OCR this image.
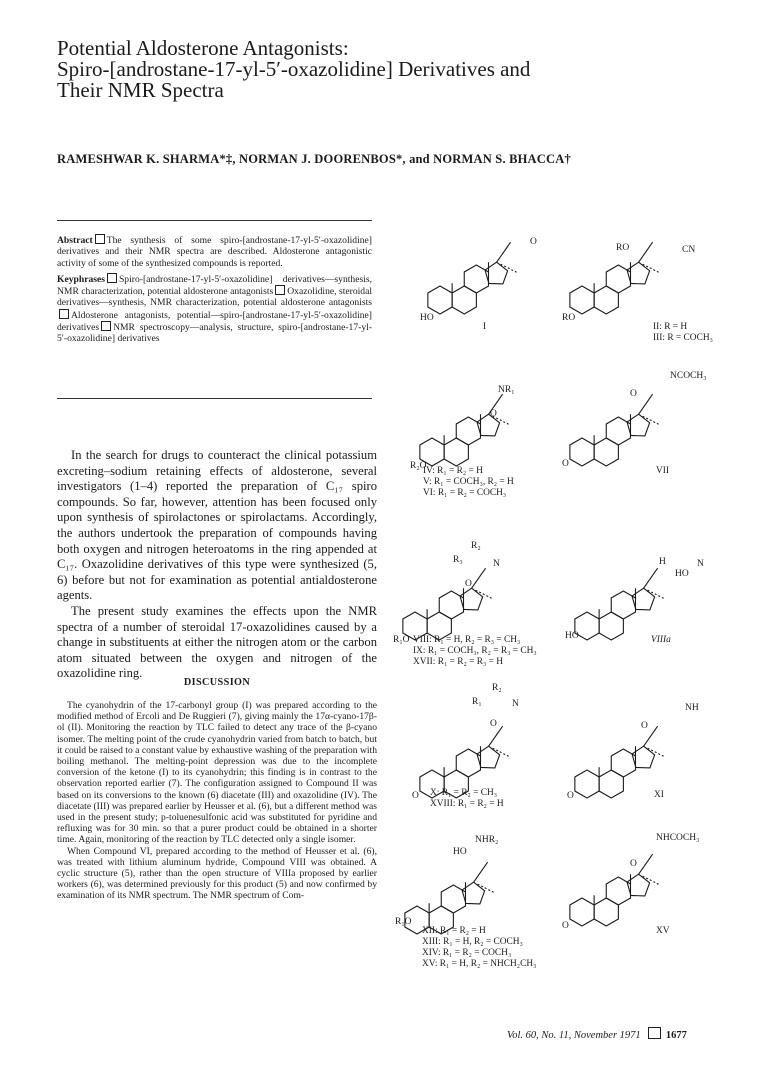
Potential Aldosterone Antagonists:
Spiro-[androstane-17-yl-5′-oxazolidine] Derivatives and
Their NMR Spectra
RAMESHWAR K. SHARMA*‡, NORMAN J. DOORENBOS*, and NORMAN S. BHACCA†

Abstract The synthesis of some spiro-[androstane-17-yl-5′-oxazolidine] derivatives and their NMR spectra are described. Aldosterone antagonistic activity of some of the synthesized compounds is reported.

Keyphrases Spiro-[androstane-17-yl-5′-oxazolidine] derivatives—synthesis, NMR characterization, potential aldosterone antagonists Oxazolidine, steroidal derivatives—synthesis, NMR characterization, potential aldosterone antagonistsAldosterone antagonists, potential—spiro-[androstane-17-yl-5′-oxazolidine] derivatives NMR spectroscopy—analysis, structure, spiro-[androstane-17-yl-5′-oxazolidine] derivatives

In the search for drugs to counteract the clinical potassium excreting–sodium retaining effects of aldosterone, several investigators (1–4) reported the preparation of C₁₇ spiro compounds. So far, however, attention has been focused only upon synthesis of spirolactones or spirolactams. Accordingly, the authors undertook the preparation of compounds having both oxygen and nitrogen heteroatoms in the ring appended at C₁₇. Oxazolidine derivatives of this type were synthesized (5, 6) before but not for examination as potential antialdosterone agents.

The present study examines the effects upon the NMR spectra of a number of steroidal 17-oxazolidines caused by a change in substituents at either the nitrogen atom or the carbon atom situated between the oxygen and nitrogen of the oxazolidine ring.

DISCUSSION

The cyanohydrin of the 17-carbonyl group (I) was prepared according to the modified method of Ercoli and De Ruggieri (7), giving mainly the 17α-cyano-17β-ol (II). Monitoring the reaction by TLC failed to detect any trace of the β-cyano isomer. The melting point of the crude cyanohydrin varied from batch to batch, but it could be raised to a constant value by exhaustive washing of the preparation with boiling methanol. The melting-point depression was due to the incomplete conversion of the ketone (I) to its cyanohydrin; this finding is in contrast to the observation reported earlier (7). The configuration assigned to Compound II was based on its conversions to the known (6) diacetate (III) and oxazolidine (IV). The diacetate (III) was prepared earlier by Heusser et al. (6), but a different method was used in the present study; p-toluenesulfonic acid was substituted for pyridine and refluxing was for 30 min. so that a purer product could be obtained in a shorter time. Again, monitoring of the reaction by TLC detected only a single isomer.

When Compound VI, prepared according to the method of Heusser et al. (6), was treated with lithium aluminum hydride, Compound VIII was obtained. A cyclic structure (5), rather than the open structure of VIIIa proposed by earlier workers (6), was determined previously for this product (5) and now confirmed by examination of its NMR spectrum. The NMR spectrum of Com-

HO
O
I
RO
RO	CN
II: R = H
III: R = COCH₃
R₂O
NR₁
O
IV: R₁ = R₂ = H
V: R₁ = COCH₃, R₂ = H
VI: R₁ = R₂ = COCH₃
O
NCOCH₃
O
VII
R₁O
R₂
R₃	N
O
VIII: R₁ = H, R₂ = R₃ = CH₃
IX: R₁ = COCH₃, R₂ = R₃ = CH₃
XVII: R₁ = R₂ = R₃ = H
HO
H
HO
N
VIIIa
O
R₁
R₂
N
O
X: R₁ = R₂ = CH₃
XVIII: R₁ = R₂ = H
O
NH
O
XI
R₁O
HO
NHR₂
XII: R₁ = R₂ = H
XIII: R₁ = H, R₂ = COCH₃
XIV: R₁ = R₂ = COCH₃
XV: R₁ = H, R₂ = NHCH₂CH₃
O
NHCOCH₃
O
XV
Vol. 60, No. 11, November 1971 1677
